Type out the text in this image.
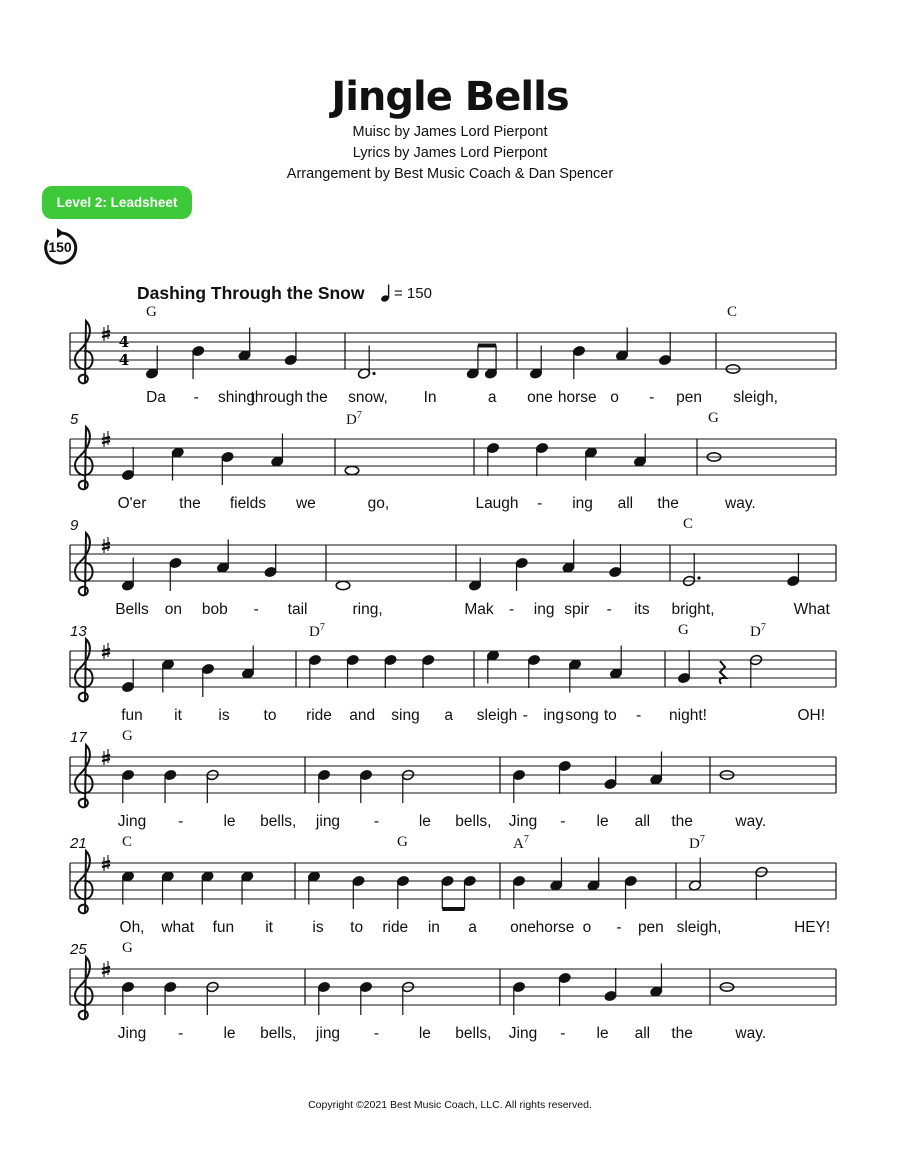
Jingle Bells
Muisc by James Lord Pierpont
Lyrics by James Lord Pierpont
Arrangement by Best Music Coach & Dan Spencer
Level 2: Leadsheet
150
Dashing Through the Snow = 150
4
4
G	C
Da - shing
through the snow, In	a one horse o - pen sleigh,
5	$D^7$	G
O'er the fields we	go,	Laugh - ing all the	way.
9	C
Bells on bob - tail	ring,	Mak - ing spir - its bright,	What
13	$D^7$	G	$D^7$
fun it is to ride and sing a sleigh - ing song to - night!	OH!
17 G
Jing -	le bells, jing -	le bells, Jing - le all the	way.
21 C	G	$A^7$	$D^7$
Oh, what fun it	is to ride in a one horse o - pen sleigh,	HEY!
25 G
Jing -	le bells, jing -	le bells, Jing - le all the	way.
Copyright ©2021 Best Music Coach, LLC. All rights reserved.
